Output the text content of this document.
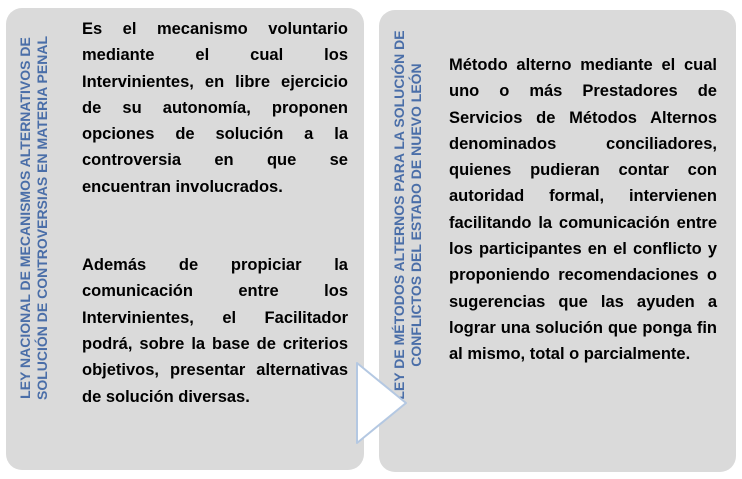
LEY NACIONAL DE MECANISMOS ALTERNATIVOS DE SOLUCIÓN DE CONTROVERSIAS EN MATERIA PENAL

Es el mecanismo voluntario mediante el cual los Intervinientes, en libre ejercicio de su autonomía, proponen opciones de solución a la controversia en que se encuentran involucrados.

Además de propiciar la comunicación entre los Intervinientes, el Facilitador podrá, sobre la base de criterios objetivos, presentar alternativas de solución diversas.	LEY DE MÉTODOS ALTERNOS PARA LA SOLUCIÓN DE CONFLICTOS DEL ESTADO DE NUEVO LEÓN	Método alterno mediante el cual uno o más Prestadores de Servicios de Métodos Alternos denominados conciliadores, quienes pudieran contar con autoridad formal, intervienen facilitando la comunicación entre los participantes en el conflicto y proponiendo recomendaciones o sugerencias que las ayuden a lograr una solución que ponga fin al mismo, total o parcialmente.
